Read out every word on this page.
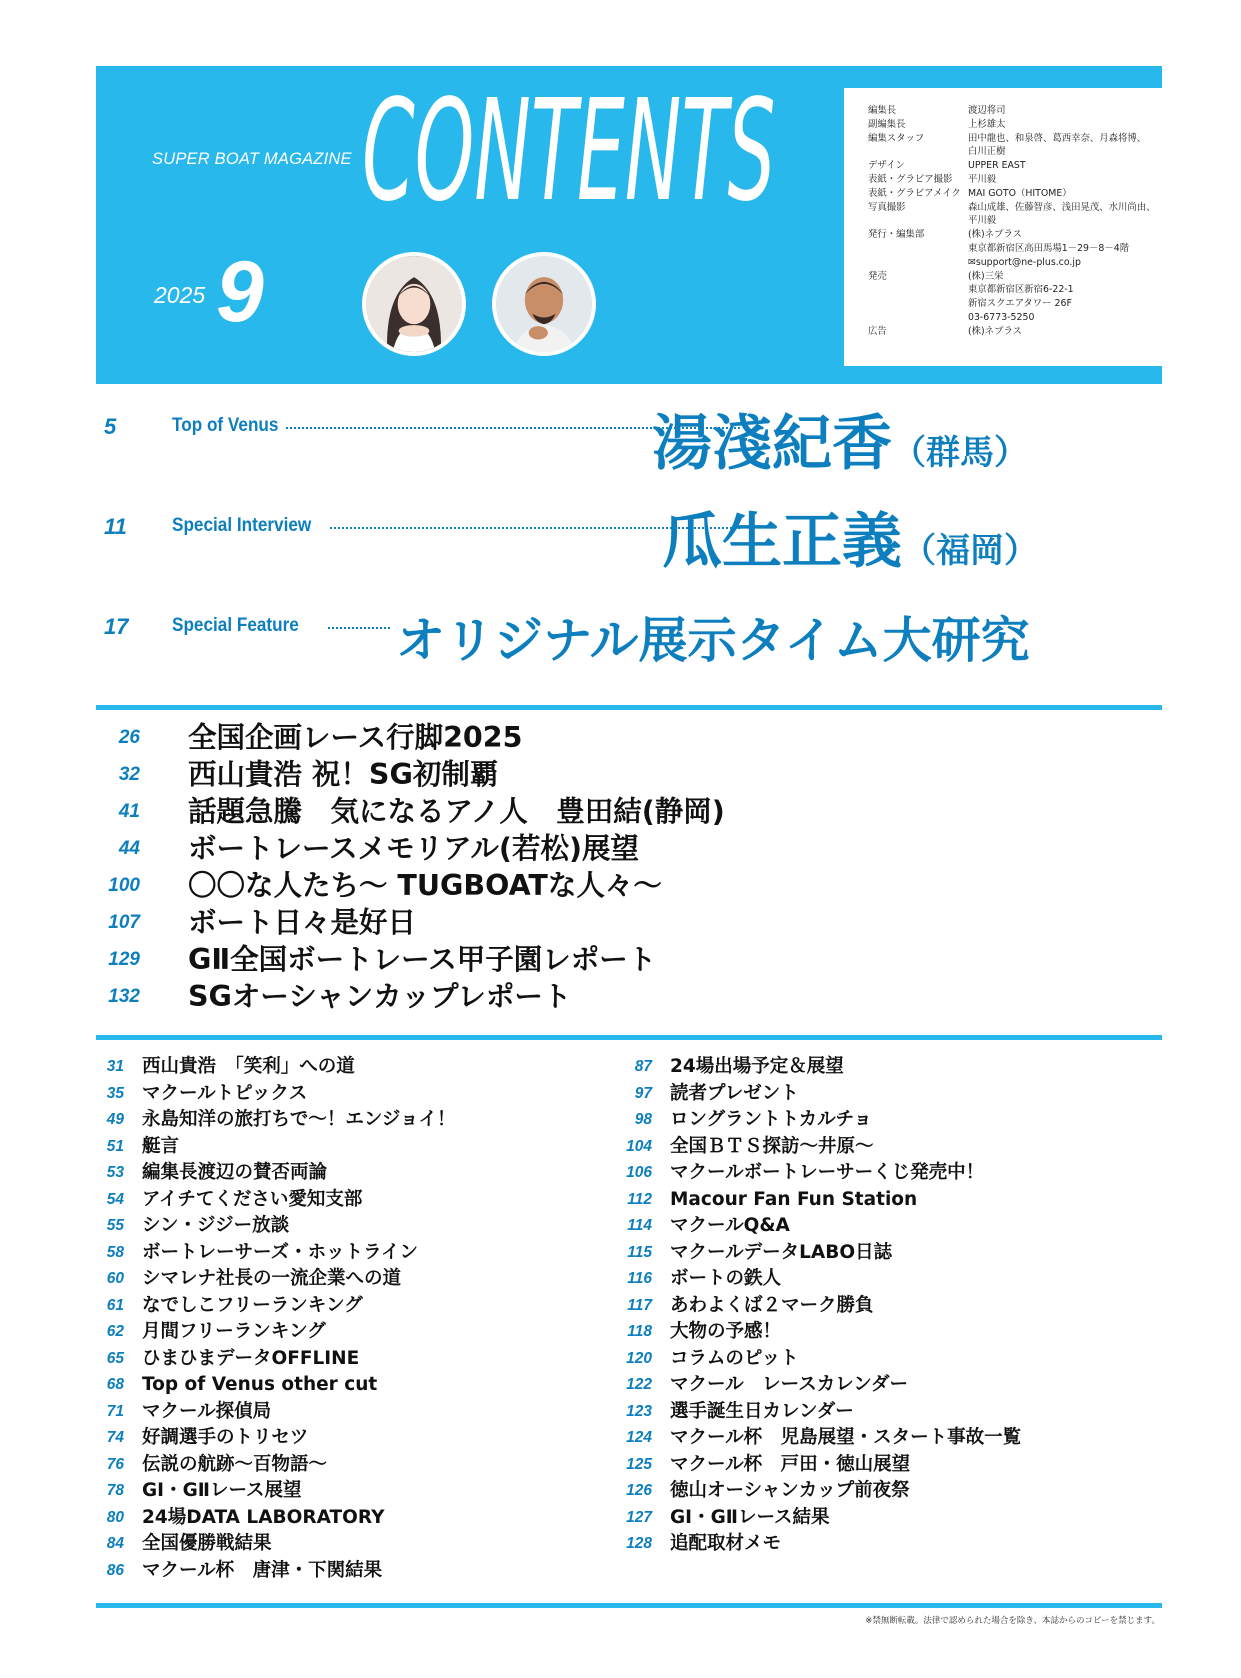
SUPER BOAT MAGAZINE CONTENTS
2025 9
編集長	渡辺将司
副編集長	上杉雄太
編集スタッフ	田中龍也、和泉啓、葛西幸奈、月森将博、
白川正樹
デザイン	UPPER EAST
表紙・グラビア撮影	平川毅
表紙・グラビアメイク MAI GOTO（HITOME）
写真撮影	森山成雄、佐藤智彦、浅田晃茂、水川尚由、
平川毅
発行・編集部	(株)ネプラス
東京都新宿区高田馬場1－29－8－4階
✉support@ne-plus.co.jp
発売	(株)三栄
東京都新宿区新宿6-22-1
新宿スクエアタワー 26F
03-6773-5250
広告	(株)ネプラス
5	Top of Venus	湯淺紀香（群馬）
11 Special Interview	瓜生正義（福岡）
17 Special Feature オリジナル展示タイム大研究
26 全国企画レース行脚2025
32 西山貴浩 祝！SG初制覇
41 話題急騰　気になるアノ人　豊田結(静岡)
44 ボートレースメモリアル(若松)展望
100 〇〇な人たち～ TUGBOATな人々～
107 ボート日々是好日
129 GⅡ全国ボートレース甲子園レポート
132 SGオーシャンカップレポート
31 西山貴浩　「笑利」への道
35 マクールトピックス
49 永島知洋の旅打ちで～！エンジョイ！
51 艇言
53 編集長渡辺の賛否両論
54 アイチてください愛知支部
55 シン・ジジー放談
58 ボートレーサーズ・ホットライン
60 シマレナ社長の一流企業への道
61 なでしこフリーランキング
62 月間フリーランキング
65 ひまひまデータOFFLINE
68 Top of Venus other cut
71 マクール探偵局
74 好調選手のトリセツ
76 伝説の航跡～百物語～
78 GⅠ・GⅡレース展望
80 24場DATA LABORATORY
84 全国優勝戦結果
86 マクール杯　唐津・下関結果
87 24場出場予定＆展望
97 読者プレゼント
98 ロングラントトカルチョ
104 全国ＢＴＳ探訪～井原～
106 マクールボートレーサーくじ発売中！
112 Macour Fan Fun Station
114 マクールQ&A
115 マクールデータLABO日誌
116 ボートの鉄人
117 あわよくば２マーク勝負
118 大物の予感！
120 コラムのピット
122 マクール　レースカレンダー
123 選手誕生日カレンダー
124 マクール杯　児島展望・スタート事故一覧
125 マクール杯　戸田・徳山展望
126 徳山オーシャンカップ前夜祭
127 GⅠ・GⅡレース結果
128 追配取材メモ
※禁無断転載。法律で認められた場合を除き、本誌からのコピーを禁じます。
